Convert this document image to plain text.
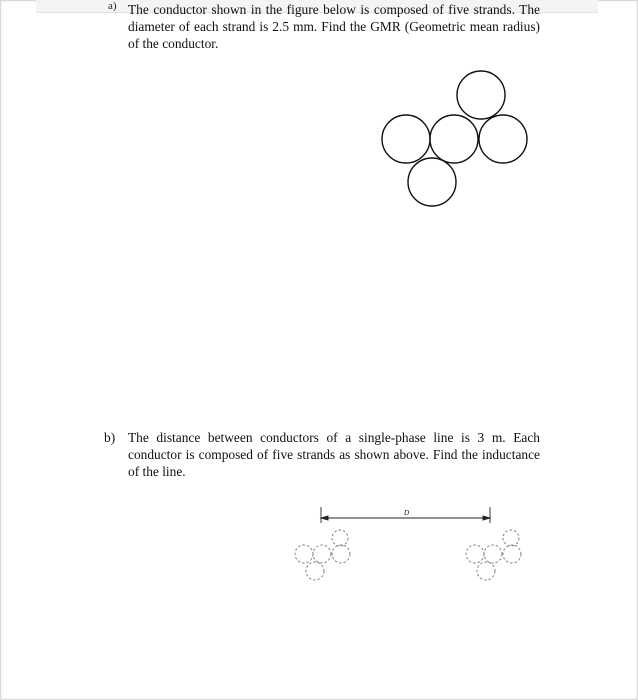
a) The conductor shown in the figure below is composed of five strands. The diameter of each strand is 2.5 mm. Find the GMR (Geometric mean radius) of the conductor.
b) The distance between conductors of a single-phase line is 3 m. Each conductor is composed of five strands as shown above. Find the inductance of the line.
D
